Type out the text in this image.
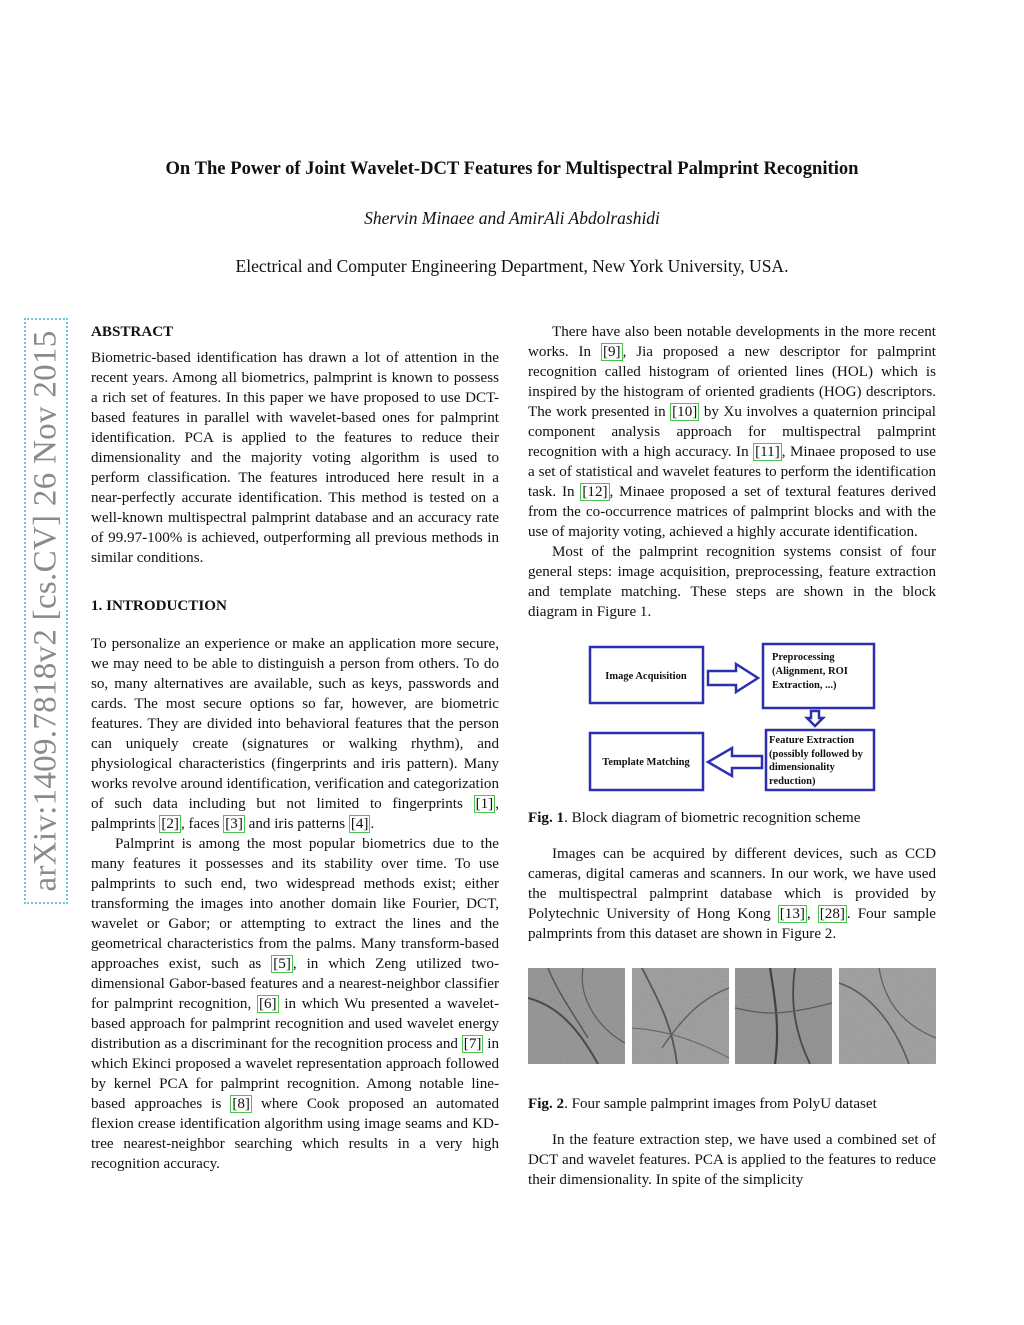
arXiv:1409.7818v2 [cs.CV] 26 Nov 2015
On The Power of Joint Wavelet-DCT Features for Multispectral Palmprint Recognition
Shervin Minaee and AmirAli Abdolrashidi
Electrical and Computer Engineering Department, New York University, USA.

ABSTRACT

Biometric-based identification has drawn a lot of attention in the recent years. Among all biometrics, palmprint is known to possess a rich set of features. In this paper we have proposed to use DCT-based features in parallel with wavelet-based ones for palmprint identification. PCA is applied to the features to reduce their dimensionality and the majority voting algorithm is used to perform classification. The features introduced here result in a near-perfectly accurate identification. This method is tested on a well-known multispectral palmprint database and an accuracy rate of 99.97-100% is achieved, outperforming all previous methods in similar conditions.

1. INTRODUCTION

To personalize an experience or make an application more secure, we may need to be able to distinguish a person from others. To do so, many alternatives are available, such as keys, passwords and cards. The most secure options so far, however, are biometric features. They are divided into behavioral features that the person can uniquely create (signatures or walking rhythm), and physiological characteristics (fingerprints and iris pattern). Many works revolve around identification, verification and categorization of such data including but not limited to fingerprints [1] , palmprints [2] , faces [3] and iris patterns [4] .

Palmprint is among the most popular biometrics due to the many features it possesses and its stability over time. To use palmprints to such end, two widespread methods exist; either transforming the images into another domain like Fourier, DCT, wavelet or Gabor; or attempting to extract the lines and the geometrical characteristics from the palms. Many transform-based approaches exist, such as [5] , in which Zeng utilized two-dimensional Gabor-based features and a nearest-neighbor classifier for palmprint recognition, [6] in which Wu presented a wavelet-based approach for palmprint recognition and used wavelet energy distribution as a discriminant for the recognition process and [7] in which Ekinci proposed a wavelet representation approach followed by kernel PCA for palmprint recognition. Among notable line-based approaches is [8] where Cook proposed an automated flexion crease identification algorithm using image seams and KD-tree nearest-neighbor searching which results in a very high recognition accuracy.

There have also been notable developments in the more recent works. In [9] , Jia proposed a new descriptor for palmprint recognition called histogram of oriented lines (HOL) which is inspired by the histogram of oriented gradients (HOG) descriptors. The work presented in [10] by Xu involves a quaternion principal component analysis approach for multispectral palmprint recognition with a high accuracy. In [11] , Minaee proposed to use a set of statistical and wavelet features to perform the identification task. In [12] , Minaee proposed a set of textural features derived from the co-occurrence matrices of palmprint blocks and with the use of majority voting, achieved a highly accurate identification.

Most of the palmprint recognition systems consist of four general steps: image acquisition, preprocessing, feature extraction and template matching. These steps are shown in the block diagram in Figure 1.

Image Acquisition
Preprocessing
(Alignment, ROI
Extraction, ...)
Feature Extraction
(possibly followed by
dimensionality
reduction)
Template Matching

Fig. 1. Block diagram of biometric recognition scheme

Images can be acquired by different devices, such as CCD cameras, digital cameras and scanners. In our work, we have used the multispectral palmprint database which is provided by Polytechnic University of Hong Kong [13] , [28] . Four sample palmprints from this dataset are shown in Figure 2.

Fig. 2. Four sample palmprint images from PolyU dataset

In the feature extraction step, we have used a combined set of DCT and wavelet features. PCA is applied to the features to reduce their dimensionality. In spite of the simplicity
